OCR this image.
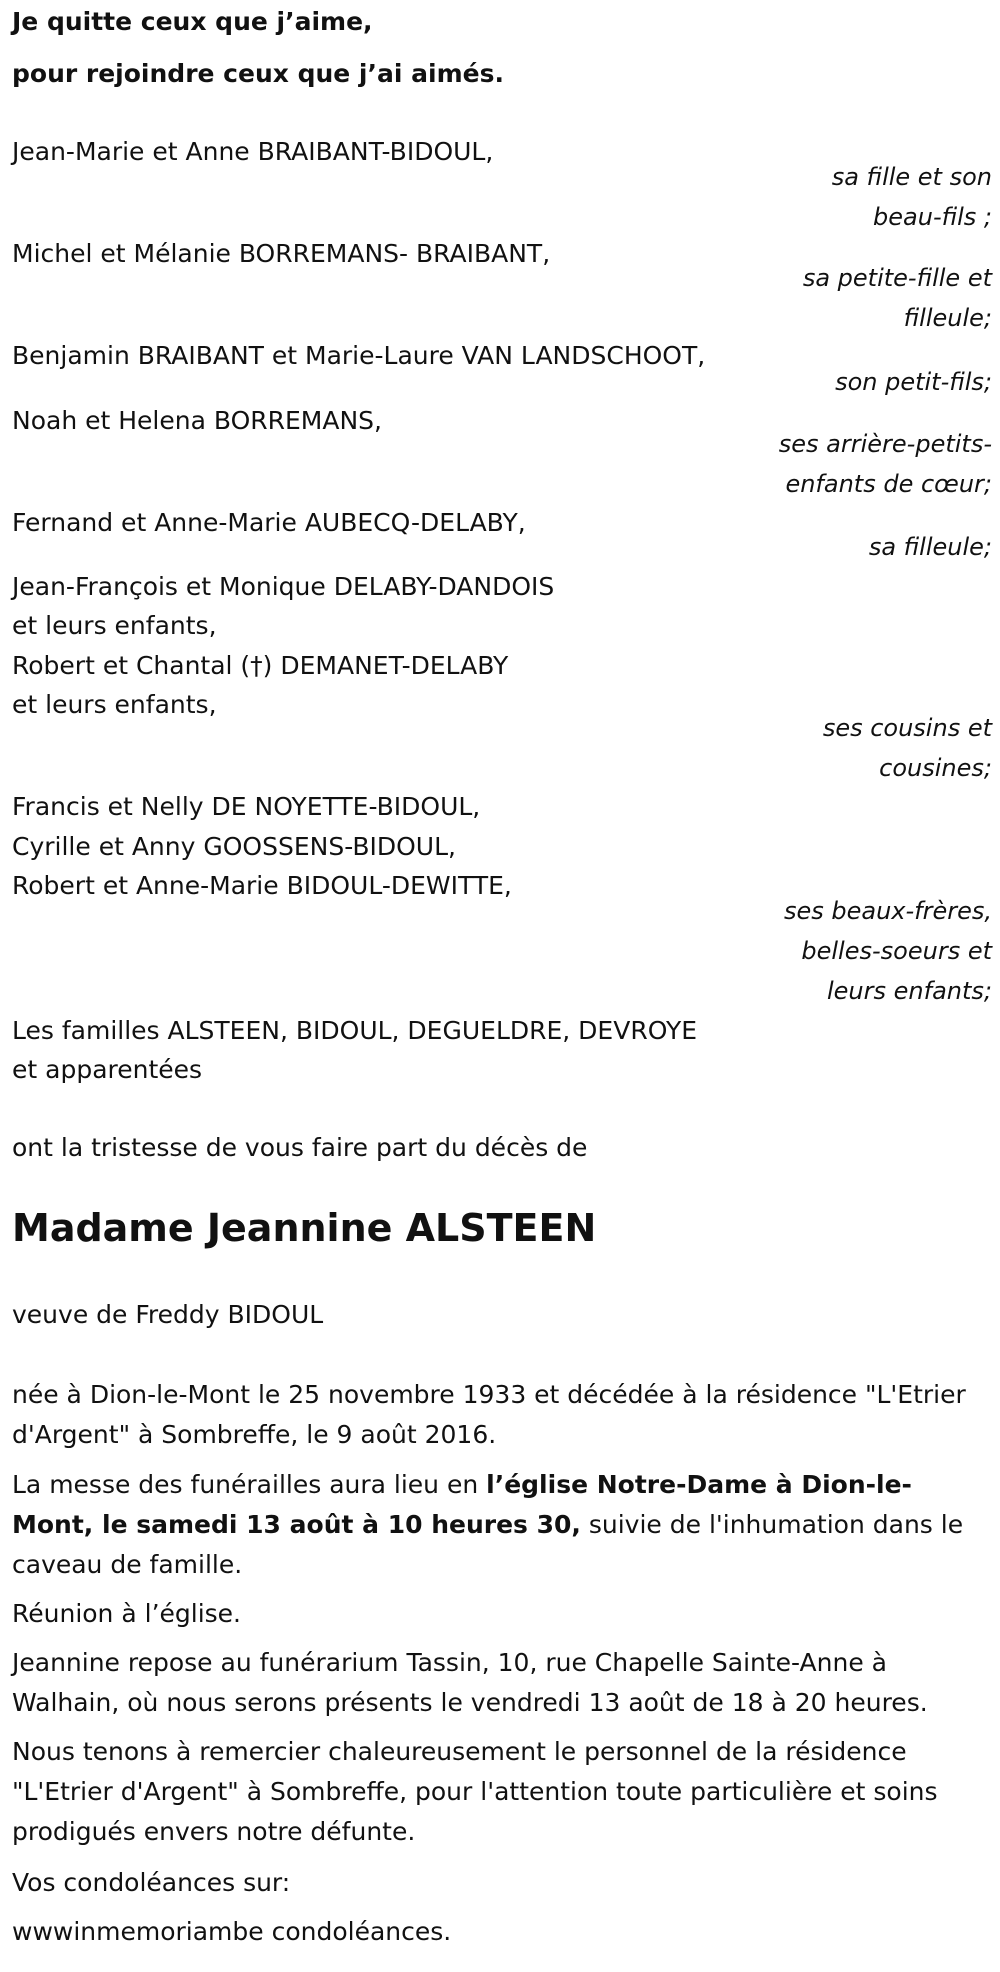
Je quitte ceux que j’aime,
pour rejoindre ceux que j’ai aimés.
Jean-Marie et Anne BRAIBANT-BIDOUL,
sa fille et son
beau-fils ;
Michel et Mélanie BORREMANS- BRAIBANT,
sa petite-fille et
filleule;
Benjamin BRAIBANT et Marie-Laure VAN LANDSCHOOT,
son petit-fils;
Noah et Helena BORREMANS,
ses arrière-petits-
enfants de cœur;
Fernand et Anne-Marie AUBECQ-DELABY,
sa filleule;
Jean-François et Monique DELABY-DANDOIS
et leurs enfants,
Robert et Chantal (†) DEMANET-DELABY
et leurs enfants,
ses cousins et
cousines;
Francis et Nelly DE NOYETTE-BIDOUL,
Cyrille et Anny GOOSSENS-BIDOUL,
Robert et Anne-Marie BIDOUL-DEWITTE,
ses beaux-frères,
belles-soeurs et
leurs enfants;
Les familles ALSTEEN, BIDOUL, DEGUELDRE, DEVROYE
et apparentées
ont la tristesse de vous faire part du décès de
Madame Jeannine ALSTEEN
veuve de Freddy BIDOUL
née à Dion-le-Mont le 25 novembre 1933 et décédée à la résidence "L'Etrier d'Argent" à Sombreffe, le 9 août 2016.
La messe des funérailles aura lieu en l’église Notre-Dame à Dion-le-Mont, le samedi 13 août à 10 heures 30, suivie de l'inhumation dans le caveau de famille.
Réunion à l’église.
Jeannine repose au funérarium Tassin, 10, rue Chapelle Sainte-Anne à Walhain, où nous serons présents le vendredi 13 août de 18 à 20 heures.
Nous tenons à remercier chaleureusement le personnel de la résidence "L'Etrier d'Argent" à Sombreffe, pour l'attention toute particulière et soins prodigués envers notre défunte.
Vos condoléances sur:
wwwinmemoriambe condoléances.
